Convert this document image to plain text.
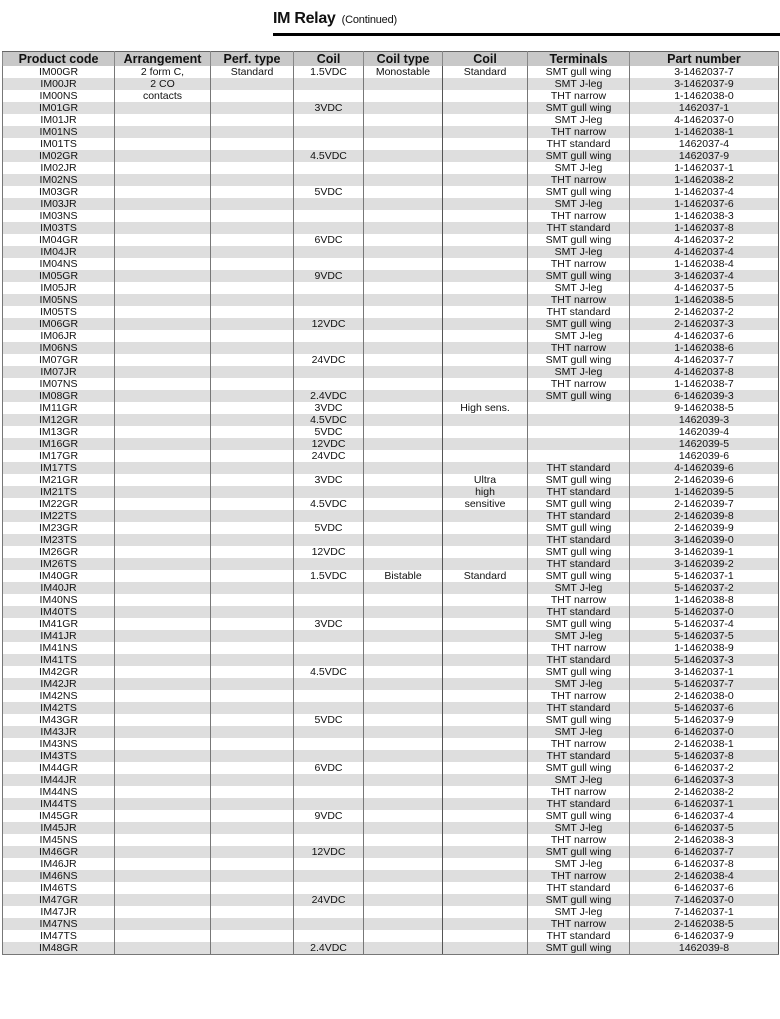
IM Relay (Continued)
Product code	Arrangement	Perf. type	Coil	Coil type	Coil	Terminals	Part number
IM00GR	2 form C,	Standard	1.5VDC	Monostable	Standard	SMT gull wing	3-1462037-7
IM00JR	2 CO					SMT J-leg	3-1462037-9
IM00NS	contacts					THT narrow	1-1462038-0
IM01GR			3VDC			SMT gull wing	1462037-1
IM01JR						SMT J-leg	4-1462037-0
IM01NS						THT narrow	1-1462038-1
IM01TS						THT standard	1462037-4
IM02GR			4.5VDC			SMT gull wing	1462037-9
IM02JR						SMT J-leg	1-1462037-1
IM02NS						THT narrow	1-1462038-2
IM03GR			5VDC			SMT gull wing	1-1462037-4
IM03JR						SMT J-leg	1-1462037-6
IM03NS						THT narrow	1-1462038-3
IM03TS						THT standard	1-1462037-8
IM04GR			6VDC			SMT gull wing	4-1462037-2
IM04JR						SMT J-leg	4-1462037-4
IM04NS						THT narrow	1-1462038-4
IM05GR			9VDC			SMT gull wing	3-1462037-4
IM05JR						SMT J-leg	4-1462037-5
IM05NS						THT narrow	1-1462038-5
IM05TS						THT standard	2-1462037-2
IM06GR			12VDC			SMT gull wing	2-1462037-3
IM06JR						SMT J-leg	4-1462037-6
IM06NS						THT narrow	1-1462038-6
IM07GR			24VDC			SMT gull wing	4-1462037-7
IM07JR						SMT J-leg	4-1462037-8
IM07NS						THT narrow	1-1462038-7
IM08GR			2.4VDC			SMT gull wing	6-1462039-3
IM11GR			3VDC		High sens.		9-1462038-5
IM12GR			4.5VDC				1462039-3
IM13GR			5VDC				1462039-4
IM16GR			12VDC				1462039-5
IM17GR			24VDC				1462039-6
IM17TS						THT standard	4-1462039-6
IM21GR			3VDC		Ultra	SMT gull wing	2-1462039-6
IM21TS					high	THT standard	1-1462039-5
IM22GR			4.5VDC		sensitive	SMT gull wing	2-1462039-7
IM22TS						THT standard	2-1462039-8
IM23GR			5VDC			SMT gull wing	2-1462039-9
IM23TS						THT standard	3-1462039-0
IM26GR			12VDC			SMT gull wing	3-1462039-1
IM26TS						THT standard	3-1462039-2
IM40GR			1.5VDC	Bistable	Standard	SMT gull wing	5-1462037-1
IM40JR						SMT J-leg	5-1462037-2
IM40NS						THT narrow	1-1462038-8
IM40TS						THT standard	5-1462037-0
IM41GR			3VDC			SMT gull wing	5-1462037-4
IM41JR						SMT J-leg	5-1462037-5
IM41NS						THT narrow	1-1462038-9
IM41TS						THT standard	5-1462037-3
IM42GR			4.5VDC			SMT gull wing	3-1462037-1
IM42JR						SMT J-leg	5-1462037-7
IM42NS						THT narrow	2-1462038-0
IM42TS						THT standard	5-1462037-6
IM43GR			5VDC			SMT gull wing	5-1462037-9
IM43JR						SMT J-leg	6-1462037-0
IM43NS						THT narrow	2-1462038-1
IM43TS						THT standard	5-1462037-8
IM44GR			6VDC			SMT gull wing	6-1462037-2
IM44JR						SMT J-leg	6-1462037-3
IM44NS						THT narrow	2-1462038-2
IM44TS						THT standard	6-1462037-1
IM45GR			9VDC			SMT gull wing	6-1462037-4
IM45JR						SMT J-leg	6-1462037-5
IM45NS						THT narrow	2-1462038-3
IM46GR			12VDC			SMT gull wing	6-1462037-7
IM46JR						SMT J-leg	6-1462037-8
IM46NS						THT narrow	2-1462038-4
IM46TS						THT standard	6-1462037-6
IM47GR			24VDC			SMT gull wing	7-1462037-0
IM47JR						SMT J-leg	7-1462037-1
IM47NS						THT narrow	2-1462038-5
IM47TS						THT standard	6-1462037-9
IM48GR			2.4VDC			SMT gull wing	1462039-8
